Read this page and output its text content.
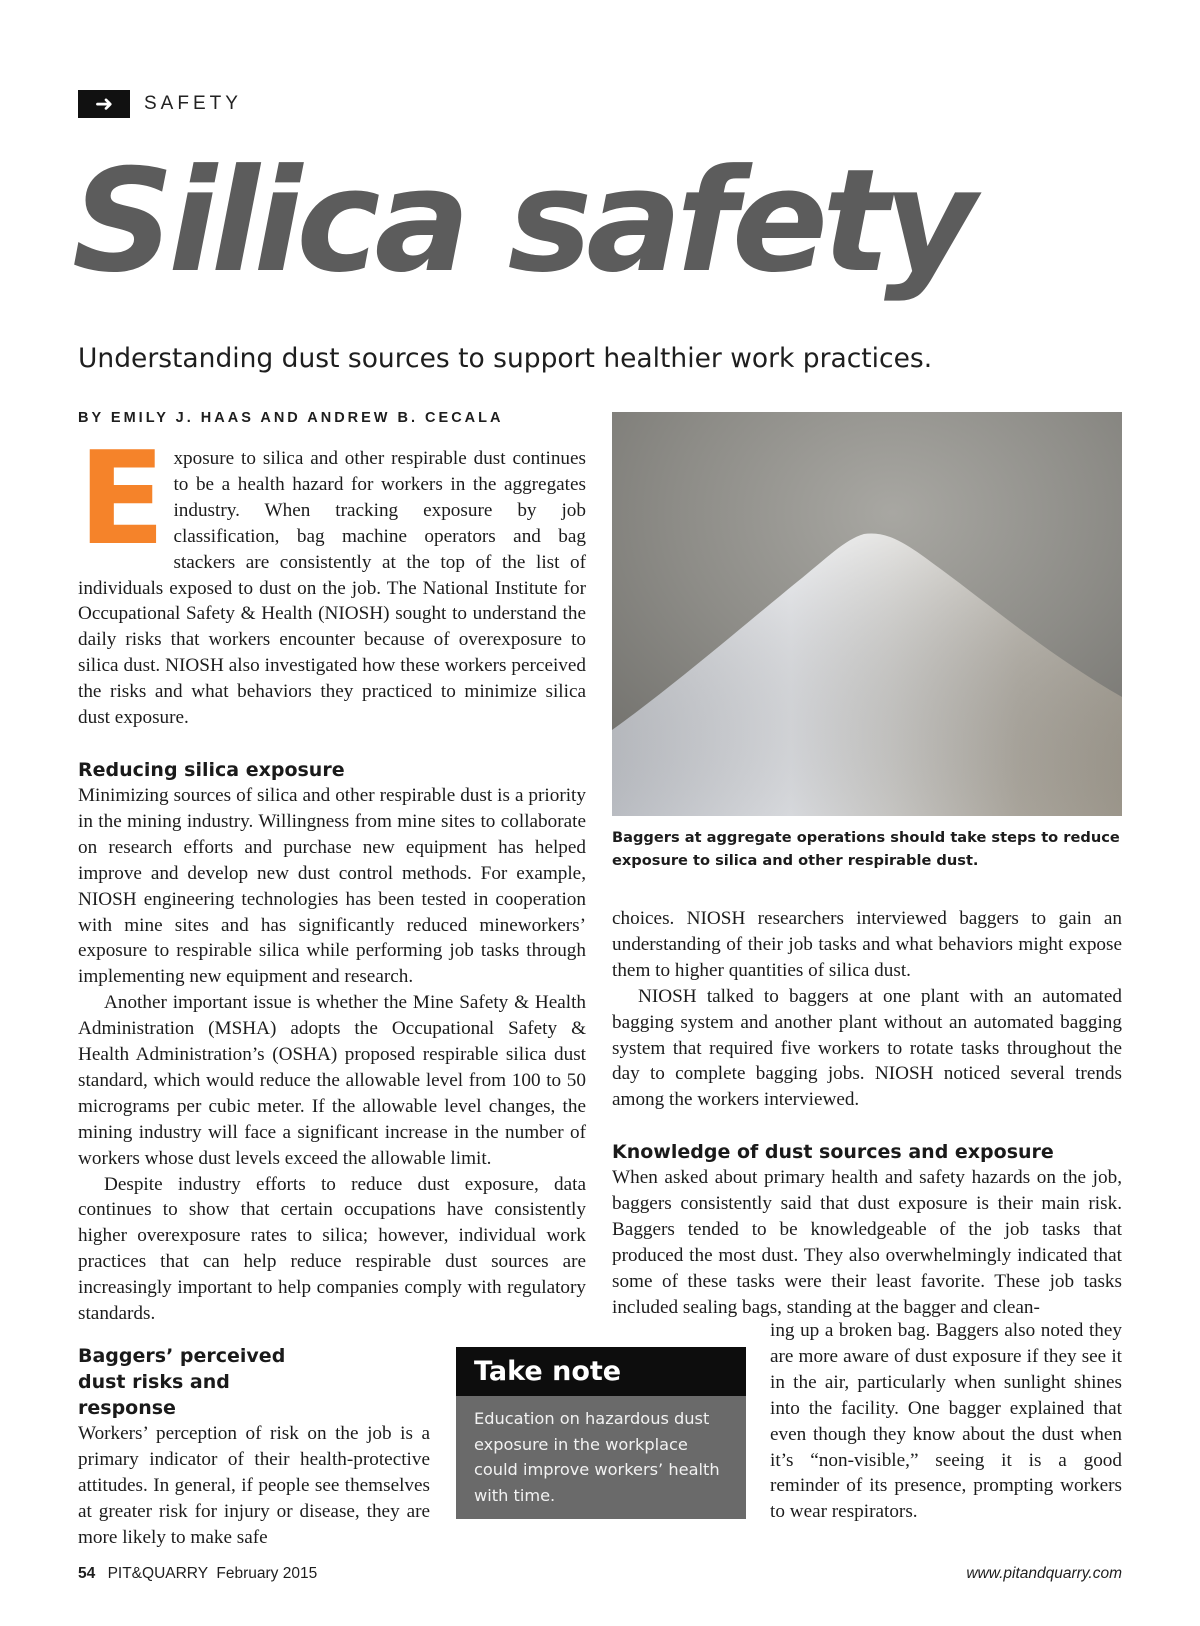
➜	SAFETY
Silica safety

Understanding dust sources to support healthier work practices.

BY EMILY J. HAAS AND ANDREW B. CECALA

E xposure to silica and other respirable dust continues to be a health hazard for workers in the aggregates industry. When tracking exposure by job classification, bag machine operators and bag stackers are consistently at the top of the list of individuals exposed to dust on the job. The National Institute for Occupational Safety & Health (NIOSH) sought to understand the daily risks that workers encounter because of overexposure to silica dust. NIOSH also investigated how these workers perceived the risks and what behaviors they practiced to minimize silica dust exposure.

Reducing silica exposure

Minimizing sources of silica and other respirable dust is a priority in the mining industry. Willingness from mine sites to collaborate on research efforts and purchase new equipment has helped improve and develop new dust control methods. For example, NIOSH engineering technologies has been tested in cooperation with mine sites and has significantly reduced mineworkers’ exposure to respirable silica while performing job tasks through implementing new equipment and research.

Another important issue is whether the Mine Safety & Health Administration (MSHA) adopts the Occupational Safety & Health Administration’s (OSHA) proposed respirable silica dust standard, which would reduce the allowable level from 100 to 50 micrograms per cubic meter. If the allowable level changes, the mining industry will face a significant increase in the number of workers whose dust levels exceed the allowable limit.

Despite industry efforts to reduce dust exposure, data continues to show that certain occupations have consistently higher overexposure rates to silica; however, individual work practices that can help reduce respirable dust sources are increasingly important to help companies comply with regulatory standards.

Baggers’ perceived dust risks and response

Workers’ perception of risk on the job is a primary indicator of their health-protective attitudes. In general, if people see themselves at greater risk for injury or disease, they are more likely to make safe

Baggers at aggregate operations should take steps to reduce exposure to silica and other respirable dust.

choices. NIOSH researchers interviewed baggers to gain an understanding of their job tasks and what behaviors might expose them to higher quantities of silica dust.

NIOSH talked to baggers at one plant with an automated bagging system and another plant without an automated bagging system that required five workers to rotate tasks throughout the day to complete bagging jobs. NIOSH noticed several trends among the workers interviewed.

Knowledge of dust sources and exposure

When asked about primary health and safety hazards on the job, baggers consistently said that dust exposure is their main risk. Baggers tended to be knowledgeable of the job tasks that produced the most dust. They also overwhelmingly indicated that some of these tasks were their least favorite. These job tasks included sealing bags, standing at the bagger and clean-

ing up a broken bag. Baggers also noted they are more aware of dust exposure if they see it in the air, particularly when sunlight shines into the facility. One bagger explained that even though they know about the dust when it’s “non-visible,” seeing it is a good reminder of its presence, prompting workers to wear respirators.

Take note

Education on hazardous dust exposure in the workplace could improve workers’ health with time.

54 PIT&QUARRY  February 2015	www.pitandquarry.com
